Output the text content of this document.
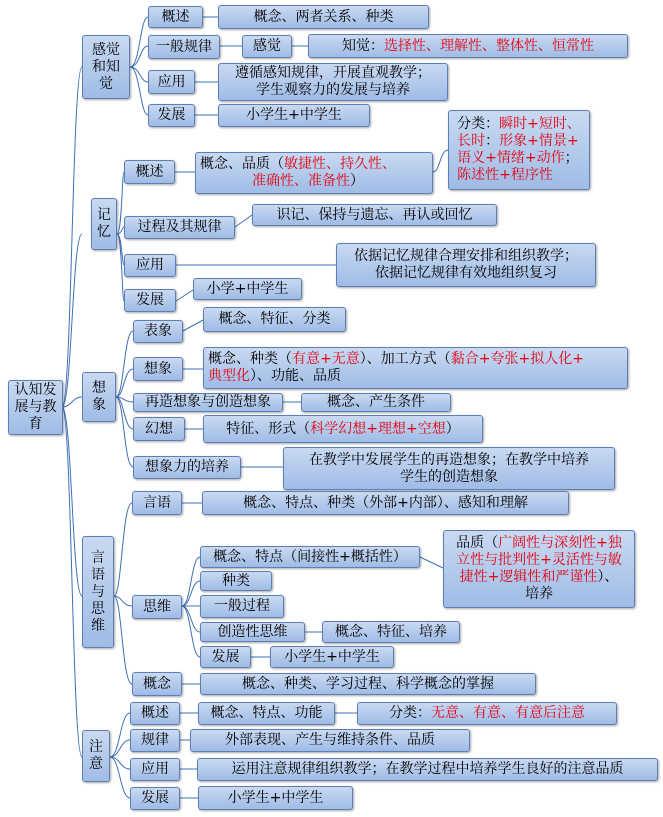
认知发展与教育
感觉和知觉
概述	概念、两者关系、种类
一般规律	感觉	知觉： 选择性、理解性、整体性、恒常性
应用
遵循感知规律，开展直观教学；
学生观察力的发展与培养
发展	小学生+中学生
记忆
概述	概念、品质（敏捷性、持久性、
准确性、准备性）
分类：瞬时+短时、
长时：形象+情景+
语义+情绪+动作；
陈述性+程序性
过程及其规律
识记、保持与遗忘、再认或回忆
应用
依据记忆规律合理安排和组织教学；
依据记忆规律有效地组织复习
发展
小学+中学生
想象
表象
概念、特征、分类
想象
概念、种类（有意+无意）、加工方式（黏合+夸张+拟人化+
典型化）、功能、品质
再造想象与创造想象	概念、产生条件
幻想	特征、形式（ 科学幻想+理想+空想 ）
想象力的培养	在教学中发展学生的再造想象；在教学中培养
学生的创造想象
言语与思维
言语	概念、特点、种类（外部+内部）、感知和理解
思维
概念、特点（间接性+概括性）
品质（广阔性与深刻性+独
立性与批判性+灵活性与敏
捷性+逻辑性和严谨性）、
培养
种类
一般过程
创造性思维	概念、特征、培养
发展	小学生+中学生
概念	概念、种类、学习过程、科学概念的掌握
注意
概述	概念、特点、功能	分类： 无意、有意、有意后注意
规律	外部表现、产生与维持条件、品质
应用	运用注意规律组织教学；在教学过程中培养学生良好的注意品质
发展	小学生+中学生
